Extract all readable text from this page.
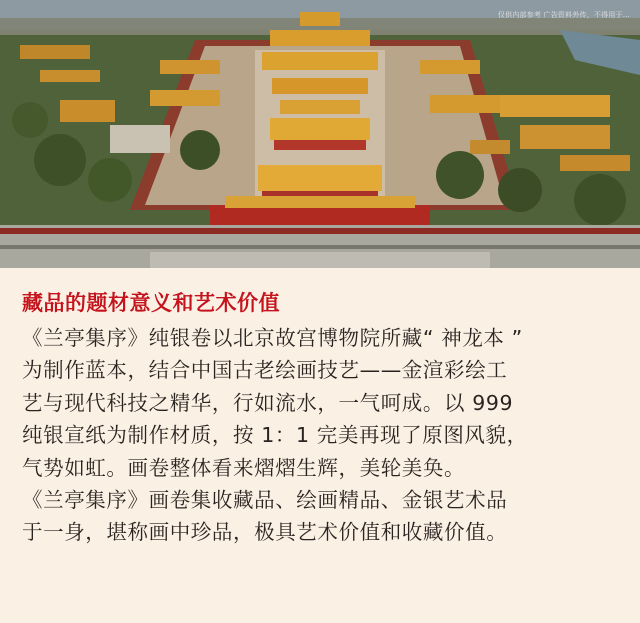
仅供内部参考 广告资料外传，不得用于...
藏品的题材意义和艺术价值

《兰亭集序》纯银卷以北京故宫博物院所藏“ 神龙本 ”
为制作蓝本，结合中国古老绘画技艺——金渲彩绘工
艺与现代科技之精华，行如流水，一气呵成。以 999
纯银宣纸为制作材质，按 1：1 完美再现了原图风貌，
气势如虹。画卷整体看来熠熠生辉，美轮美奂。
《兰亭集序》画卷集收藏品、绘画精品、金银艺术品
于一身，堪称画中珍品，极具艺术价值和收藏价值。
